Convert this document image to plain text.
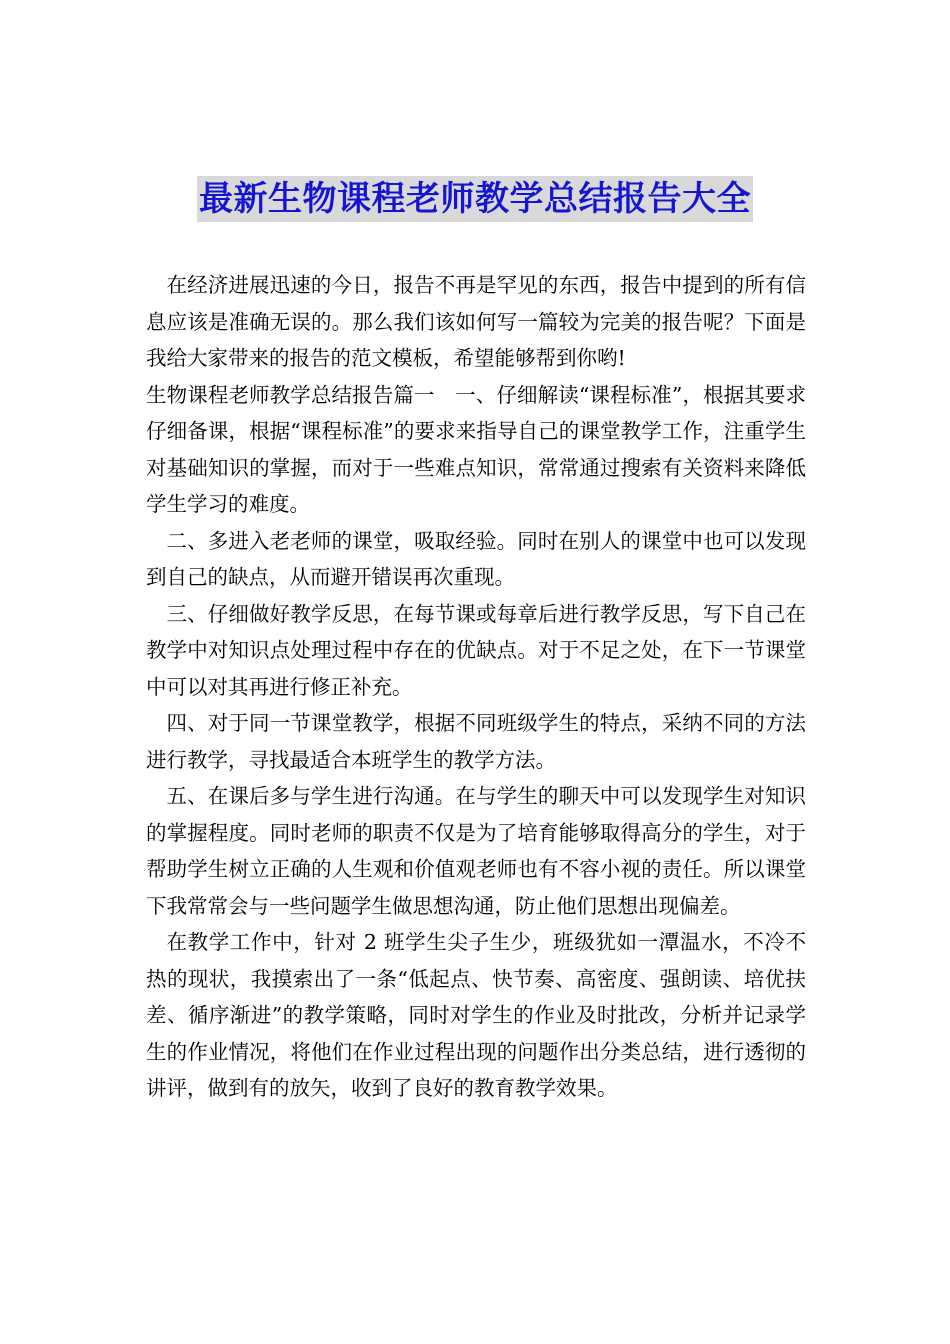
最新生物课程老师教学总结报告大全

在经济进展迅速的今日，报告不再是罕见的东西，报告中提到的所有信息应该是准确无误的。那么我们该如何写一篇较为完美的报告呢？下面是我给大家带来的报告的范文模板，希望能够帮到你哟!

生物课程老师教学总结报告篇一　一、仔细解读“课程标准”，根据其要求仔细备课，根据“课程标准”的要求来指导自己的课堂教学工作，注重学生对基础知识的掌握，而对于一些难点知识，常常通过搜索有关资料来降低学生学习的难度。

二、多进入老老师的课堂，吸取经验。同时在别人的课堂中也可以发现到自己的缺点，从而避开错误再次重现。

三、仔细做好教学反思，在每节课或每章后进行教学反思，写下自己在教学中对知识点处理过程中存在的优缺点。对于不足之处，在下一节课堂中可以对其再进行修正补充。

四、对于同一节课堂教学，根据不同班级学生的特点，采纳不同的方法进行教学，寻找最适合本班学生的教学方法。

五、在课后多与学生进行沟通。在与学生的聊天中可以发现学生对知识的掌握程度。同时老师的职责不仅是为了培育能够取得高分的学生，对于帮助学生树立正确的人生观和价值观老师也有不容小视的责任。所以课堂下我常常会与一些问题学生做思想沟通，防止他们思想出现偏差。

在教学工作中，针对 2 班学生尖子生少，班级犹如一潭温水，不冷不热的现状，我摸索出了一条“低起点、快节奏、高密度、强朗读、培优扶差、循序渐进”的教学策略，同时对学生的作业及时批改，分析并记录学生的作业情况，将他们在作业过程出现的问题作出分类总结，进行透彻的讲评，做到有的放矢，收到了良好的教育教学效果。
